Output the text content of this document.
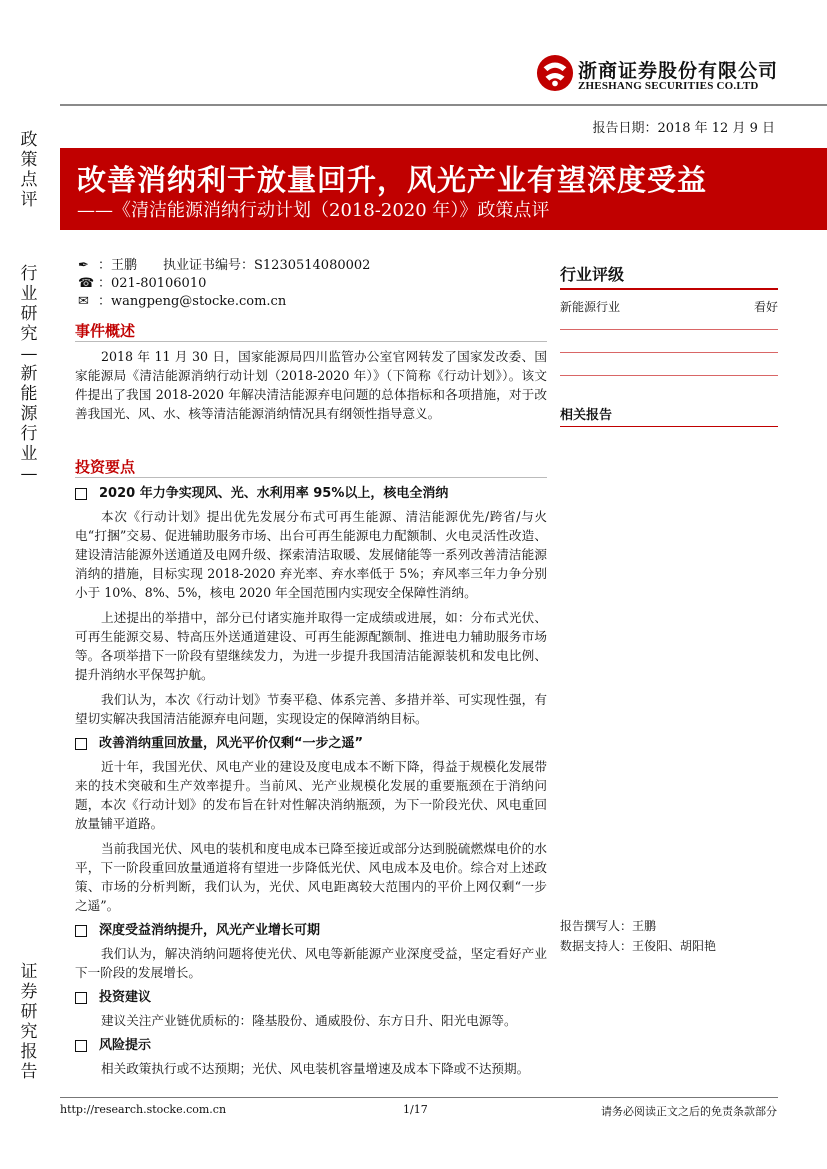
浙商证券股份有限公司
ZHESHANG SECURITIES CO.LTD
报告日期：2018 年 12 月 9 日
政
策
点
评
行
业
研
究
—
新
能
源
行
业
—
证
券
研
究
报
告
改善消纳利于放量回升，风光产业有望深度受益
——《清洁能源消纳行动计划（2018-2020 年）》政策点评
✒ ：王鹏　　执业证书编号：S1230514080002
☎ ：021-80106010
✉ ：wangpeng@stocke.com.cn
事件概述

2018 年 11 月 30 日，国家能源局四川监管办公室官网转发了国家发改委、国家能源局《清洁能源消纳行动计划（2018-2020 年）》（下简称《行动计划》）。该文件提出了我国 2018-2020 年解决清洁能源弃电问题的总体指标和各项措施，对于改善我国光、风、水、核等清洁能源消纳情况具有纲领性指导意义。

投资要点
2020 年力争实现风、光、水利用率 95%以上，核电全消纳

本次《行动计划》提出优先发展分布式可再生能源、清洁能源优先/跨省/与火电“打捆”交易、促进辅助服务市场、出台可再生能源电力配额制、火电灵活性改造、建设清洁能源外送通道及电网升级、探索清洁取暖、发展储能等一系列改善清洁能源消纳的措施，目标实现 2018-2020 弃光率、弃水率低于 5%；弃风率三年力争分别小于 10%、8%、5%，核电 2020 年全国范围内实现安全保障性消纳。

上述提出的举措中，部分已付诸实施并取得一定成绩或进展，如：分布式光伏、可再生能源交易、特高压外送通道建设、可再生能源配额制、推进电力辅助服务市场等。各项举措下一阶段有望继续发力，为进一步提升我国清洁能源装机和发电比例、提升消纳水平保驾护航。

我们认为，本次《行动计划》节奏平稳、体系完善、多措并举、可实现性强，有望切实解决我国清洁能源弃电问题，实现设定的保障消纳目标。

改善消纳重回放量，风光平价仅剩“一步之遥”

近十年，我国光伏、风电产业的建设及度电成本不断下降，得益于规模化发展带来的技术突破和生产效率提升。当前风、光产业规模化发展的重要瓶颈在于消纳问题，本次《行动计划》的发布旨在针对性解决消纳瓶颈，为下一阶段光伏、风电重回放量铺平道路。

当前我国光伏、风电的装机和度电成本已降至接近或部分达到脱硫燃煤电价的水平，下一阶段重回放量通道将有望进一步降低光伏、风电成本及电价。综合对上述政策、市场的分析判断，我们认为，光伏、风电距离较大范围内的平价上网仅剩“一步之遥”。

深度受益消纳提升，风光产业增长可期

我们认为，解决消纳问题将使光伏、风电等新能源产业深度受益，坚定看好产业下一阶段的发展增长。

投资建议

建议关注产业链优质标的：隆基股份、通威股份、东方日升、阳光电源等。

风险提示

相关政策执行或不达预期；光伏、风电装机容量增速及成本下降或不达预期。

行业评级
新能源行业	看好
相关报告
报告撰写人：王鹏
数据支持人：王俊阳、胡阳艳
http://research.stocke.com.cn	1/17	请务必阅读正文之后的免责条款部分
